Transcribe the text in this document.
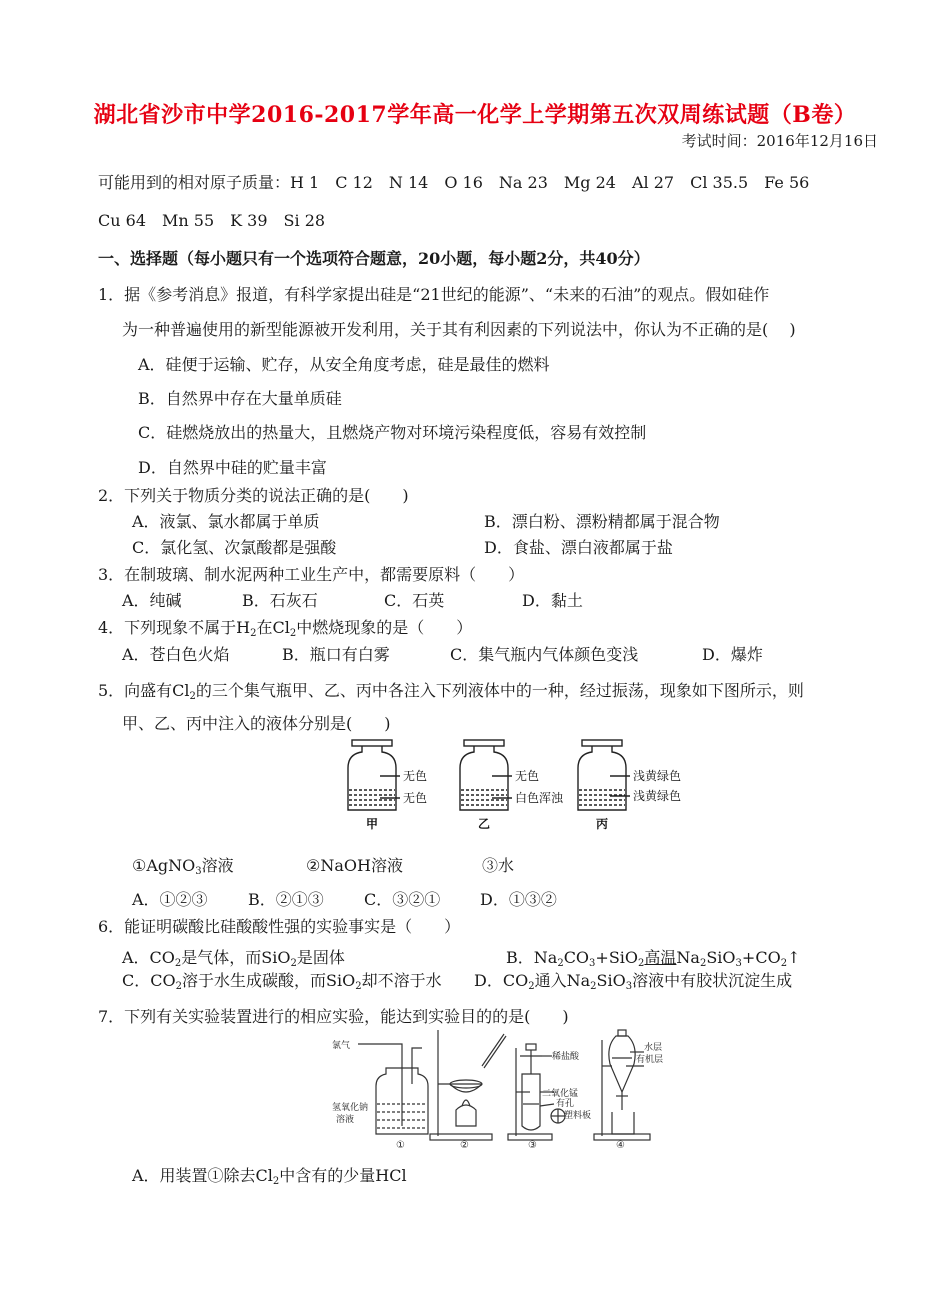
湖北省沙市中学2016-2017学年高一化学上学期第五次双周练试题（B卷）
考试时间：2016年12月16日
可能用到的相对原子质量：H 1　C 12　N 14　O 16　Na 23　Mg 24　Al 27　Cl 35.5　Fe 56
Cu 64　Mn 55　K 39　Si 28
一、选择题（每小题只有一个选项符合题意，20小题，每小题2分，共40分）
1．据《参考消息》报道，有科学家提出硅是“21世纪的能源”、“未来的石油”的观点。假如硅作
为一种普遍使用的新型能源被开发利用，关于其有利因素的下列说法中，你认为不正确的是(　 )
A．硅便于运输、贮存，从安全角度考虑，硅是最佳的燃料
B．自然界中存在大量单质硅
C．硅燃烧放出的热量大，且燃烧产物对环境污染程度低，容易有效控制
D．自然界中硅的贮量丰富
2．下列关于物质分类的说法正确的是(　　)
A．液氯、氯水都属于单质	B．漂白粉、漂粉精都属于混合物
C．氯化氢、次氯酸都是强酸	D．食盐、漂白液都属于盐
3．在制玻璃、制水泥两种工业生产中，都需要原料（　　）
A．纯碱	B．石灰石	C．石英	D．黏土
4．下列现象不属于$H_2$在$Cl_2$中燃烧现象的是（　　）
A．苍白色火焰	B．瓶口有白雾	C．集气瓶内气体颜色变浅	D．爆炸
5．向盛有$Cl_2$的三个集气瓶甲、乙、丙中各注入下列液体中的一种，经过振荡，现象如下图所示，则
甲、乙、丙中注入的液体分别是(　　)
无色
无色
甲
无色
白色浑浊
乙
浅黄绿色
浅黄绿色
丙
①AgNO$_3$溶液	②NaOH溶液	③水
A．①②③	B．②①③	C．③②① D．①③②
6．能证明碳酸比硅酸酸性强的实验事实是（　　）
A．$CO_2$是气体，而SiO$_2$是固体	B．$Na_2CO_3+SiO_2$高温$Na_2SiO_3+CO_2↑$
C．$CO_2$溶于水生成碳酸，而SiO$_2$却不溶于水 D．$CO_2$通入$Na_2SiO_3$溶液中有胶状沉淀生成
7．下列有关实验装置进行的相应实验，能达到实验目的的是(　　)
氯气
氢氧化钠
溶液
①	②
稀盐酸
二氧化锰
有孔
塑料板
③
水层
有机层
④
A．用装置①除去$Cl_2$中含有的少量HCl
